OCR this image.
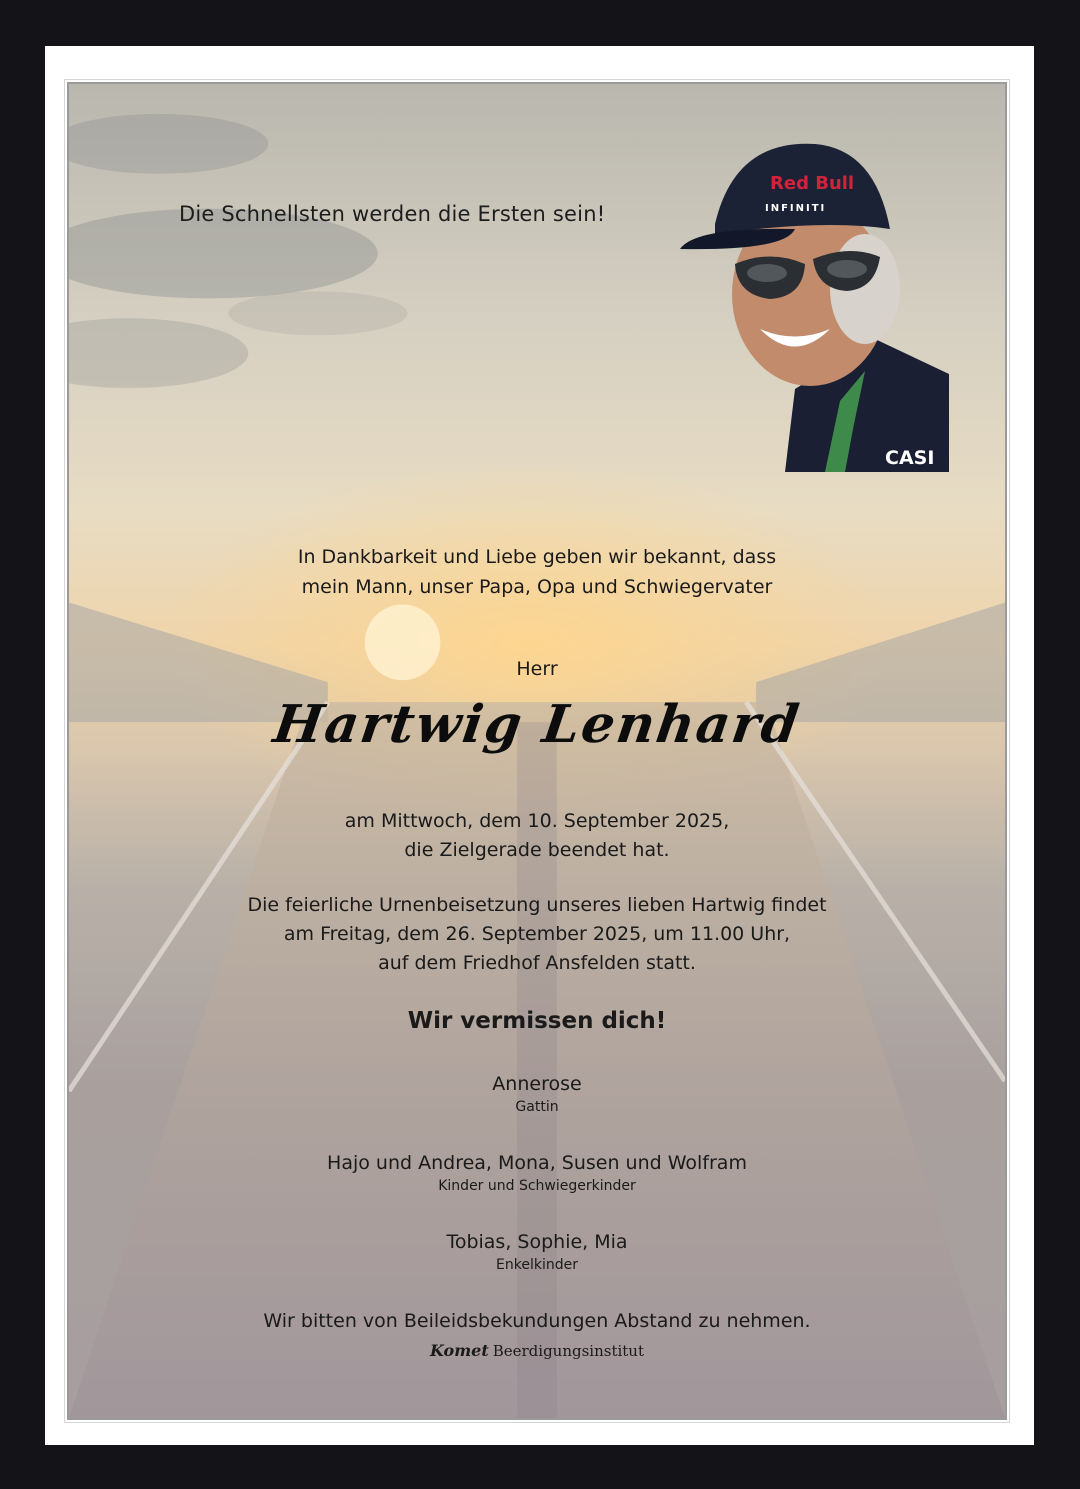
Die Schnellsten werden die Ersten sein!
Red Bull
INFINITI
CASI
In Dankbarkeit und Liebe geben wir bekannt, dass
mein Mann, unser Papa, Opa und Schwiegervater
Herr
Hartwig Lenhard
am Mittwoch, dem 10. September 2025,
die Zielgerade beendet hat.
Die feierliche Urnenbeisetzung unseres lieben Hartwig findet
am Freitag, dem 26. September 2025, um 11.00 Uhr,
auf dem Friedhof Ansfelden statt.
Wir vermissen dich!
Annerose
Gattin
Hajo und Andrea, Mona, Susen und Wolfram
Kinder und Schwiegerkinder
Tobias, Sophie, Mia
Enkelkinder
Wir bitten von Beileidsbekundungen Abstand zu nehmen.
Komet Beerdigungsinstitut
